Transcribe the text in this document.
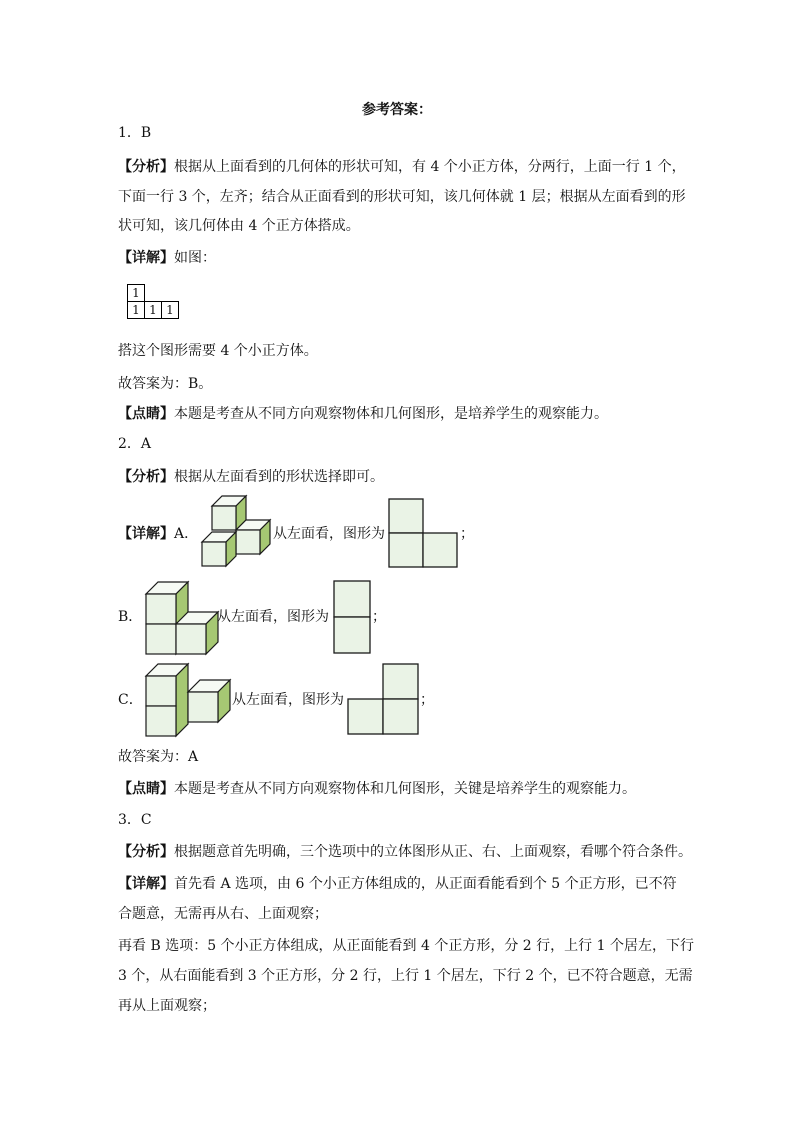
参考答案：
1．B
【分析】根据从上面看到的几何体的形状可知，有 4 个小正方体，分两行，上面一行 1 个，
下面一行 3 个，左齐；结合从正面看到的形状可知，该几何体就 1 层；根据从左面看到的形
状可知，该几何体由 4 个正方体搭成。
【详解】如图：
1		
1	1	1
搭这个图形需要 4 个小正方体。
故答案为：B。
【点睛】本题是考查从不同方向观察物体和几何图形，是培养学生的观察能力。
2．A
【分析】根据从左面看到的形状选择即可。
【详解】A．	从左面看，图形为	；
B．	从左面看，图形为	；
C．	从左面看，图形为	；
故答案为：A
【点睛】本题是考查从不同方向观察物体和几何图形，关键是培养学生的观察能力。
3．C
【分析】根据题意首先明确，三个选项中的立体图形从正、右、上面观察，看哪个符合条件。
【详解】首先看 A 选项，由 6 个小正方体组成的，从正面看能看到个 5 个正方形，已不符
合题意，无需再从右、上面观察；
再看 B 选项：5 个小正方体组成，从正面能看到 4 个正方形，分 2 行，上行 1 个居左，下行
3 个，从右面能看到 3 个正方形，分 2 行，上行 1 个居左，下行 2 个，已不符合题意，无需
再从上面观察；
